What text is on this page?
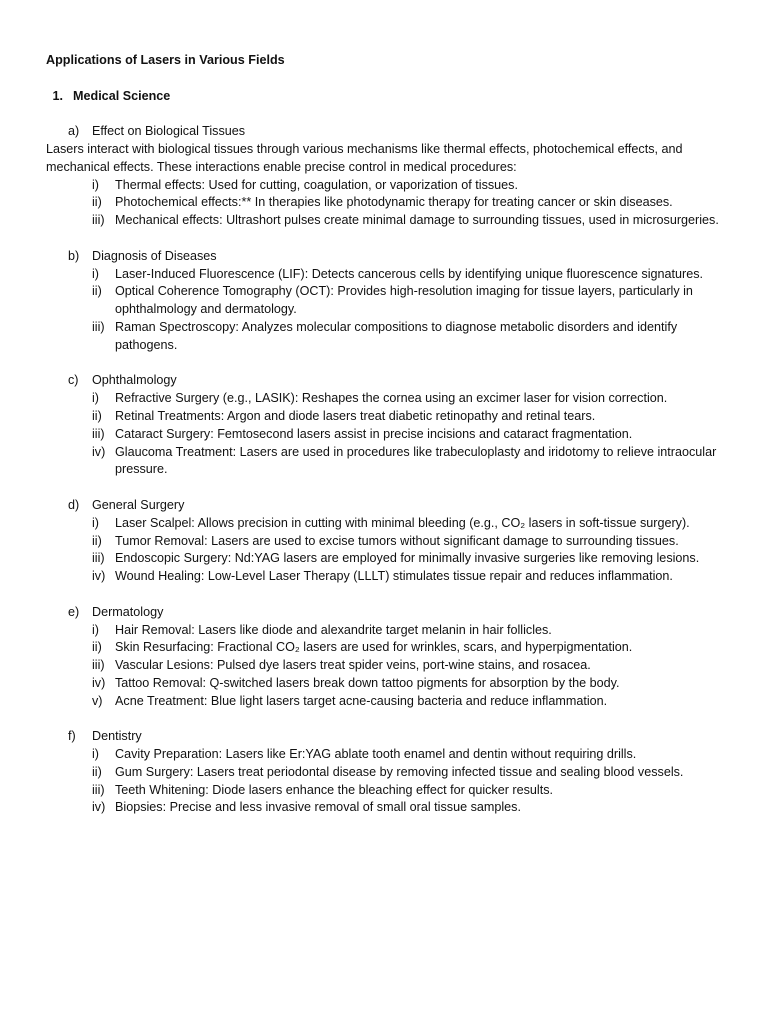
Applications of Lasers in Various Fields
1. Medical Science
a)	Effect on Biological Tissues

Lasers interact with biological tissues through various mechanisms like thermal effects, photochemical effects, and mechanical effects. These interactions enable precise control in medical procedures:

i)	Thermal effects: Used for cutting, coagulation, or vaporization of tissues.
ii)	Photochemical effects:** In therapies like photodynamic therapy for treating cancer or skin diseases.
iii) Mechanical effects: Ultrashort pulses create minimal damage to surrounding tissues, used in microsurgeries.
b)	Diagnosis of Diseases
i)	Laser-Induced Fluorescence (LIF): Detects cancerous cells by identifying unique fluorescence signatures.
ii)	Optical Coherence Tomography (OCT): Provides high-resolution imaging for tissue layers, particularly in ophthalmology and dermatology.
iii) Raman Spectroscopy: Analyzes molecular compositions to diagnose metabolic disorders and identify pathogens.
c)	Ophthalmology
i)	Refractive Surgery (e.g., LASIK): Reshapes the cornea using an excimer laser for vision correction.
ii)	Retinal Treatments: Argon and diode lasers treat diabetic retinopathy and retinal tears.
iii) Cataract Surgery: Femtosecond lasers assist in precise incisions and cataract fragmentation.
iv) Glaucoma Treatment: Lasers are used in procedures like trabeculoplasty and iridotomy to relieve intraocular pressure.
d)	General Surgery
i)	Laser Scalpel: Allows precision in cutting with minimal bleeding (e.g., CO₂ lasers in soft-tissue surgery).
ii)	Tumor Removal: Lasers are used to excise tumors without significant damage to surrounding tissues.
iii) Endoscopic Surgery: Nd:YAG lasers are employed for minimally invasive surgeries like removing lesions.
iv) Wound Healing: Low-Level Laser Therapy (LLLT) stimulates tissue repair and reduces inflammation.
e)	Dermatology
i)	Hair Removal: Lasers like diode and alexandrite target melanin in hair follicles.
ii)	Skin Resurfacing: Fractional CO₂ lasers are used for wrinkles, scars, and hyperpigmentation.
iii) Vascular Lesions: Pulsed dye lasers treat spider veins, port-wine stains, and rosacea.
iv) Tattoo Removal: Q-switched lasers break down tattoo pigments for absorption by the body.
v) Acne Treatment: Blue light lasers target acne-causing bacteria and reduce inflammation.
f)	Dentistry
i)	Cavity Preparation: Lasers like Er:YAG ablate tooth enamel and dentin without requiring drills.
ii)	Gum Surgery: Lasers treat periodontal disease by removing infected tissue and sealing blood vessels.
iii) Teeth Whitening: Diode lasers enhance the bleaching effect for quicker results.
iv) Biopsies: Precise and less invasive removal of small oral tissue samples.
